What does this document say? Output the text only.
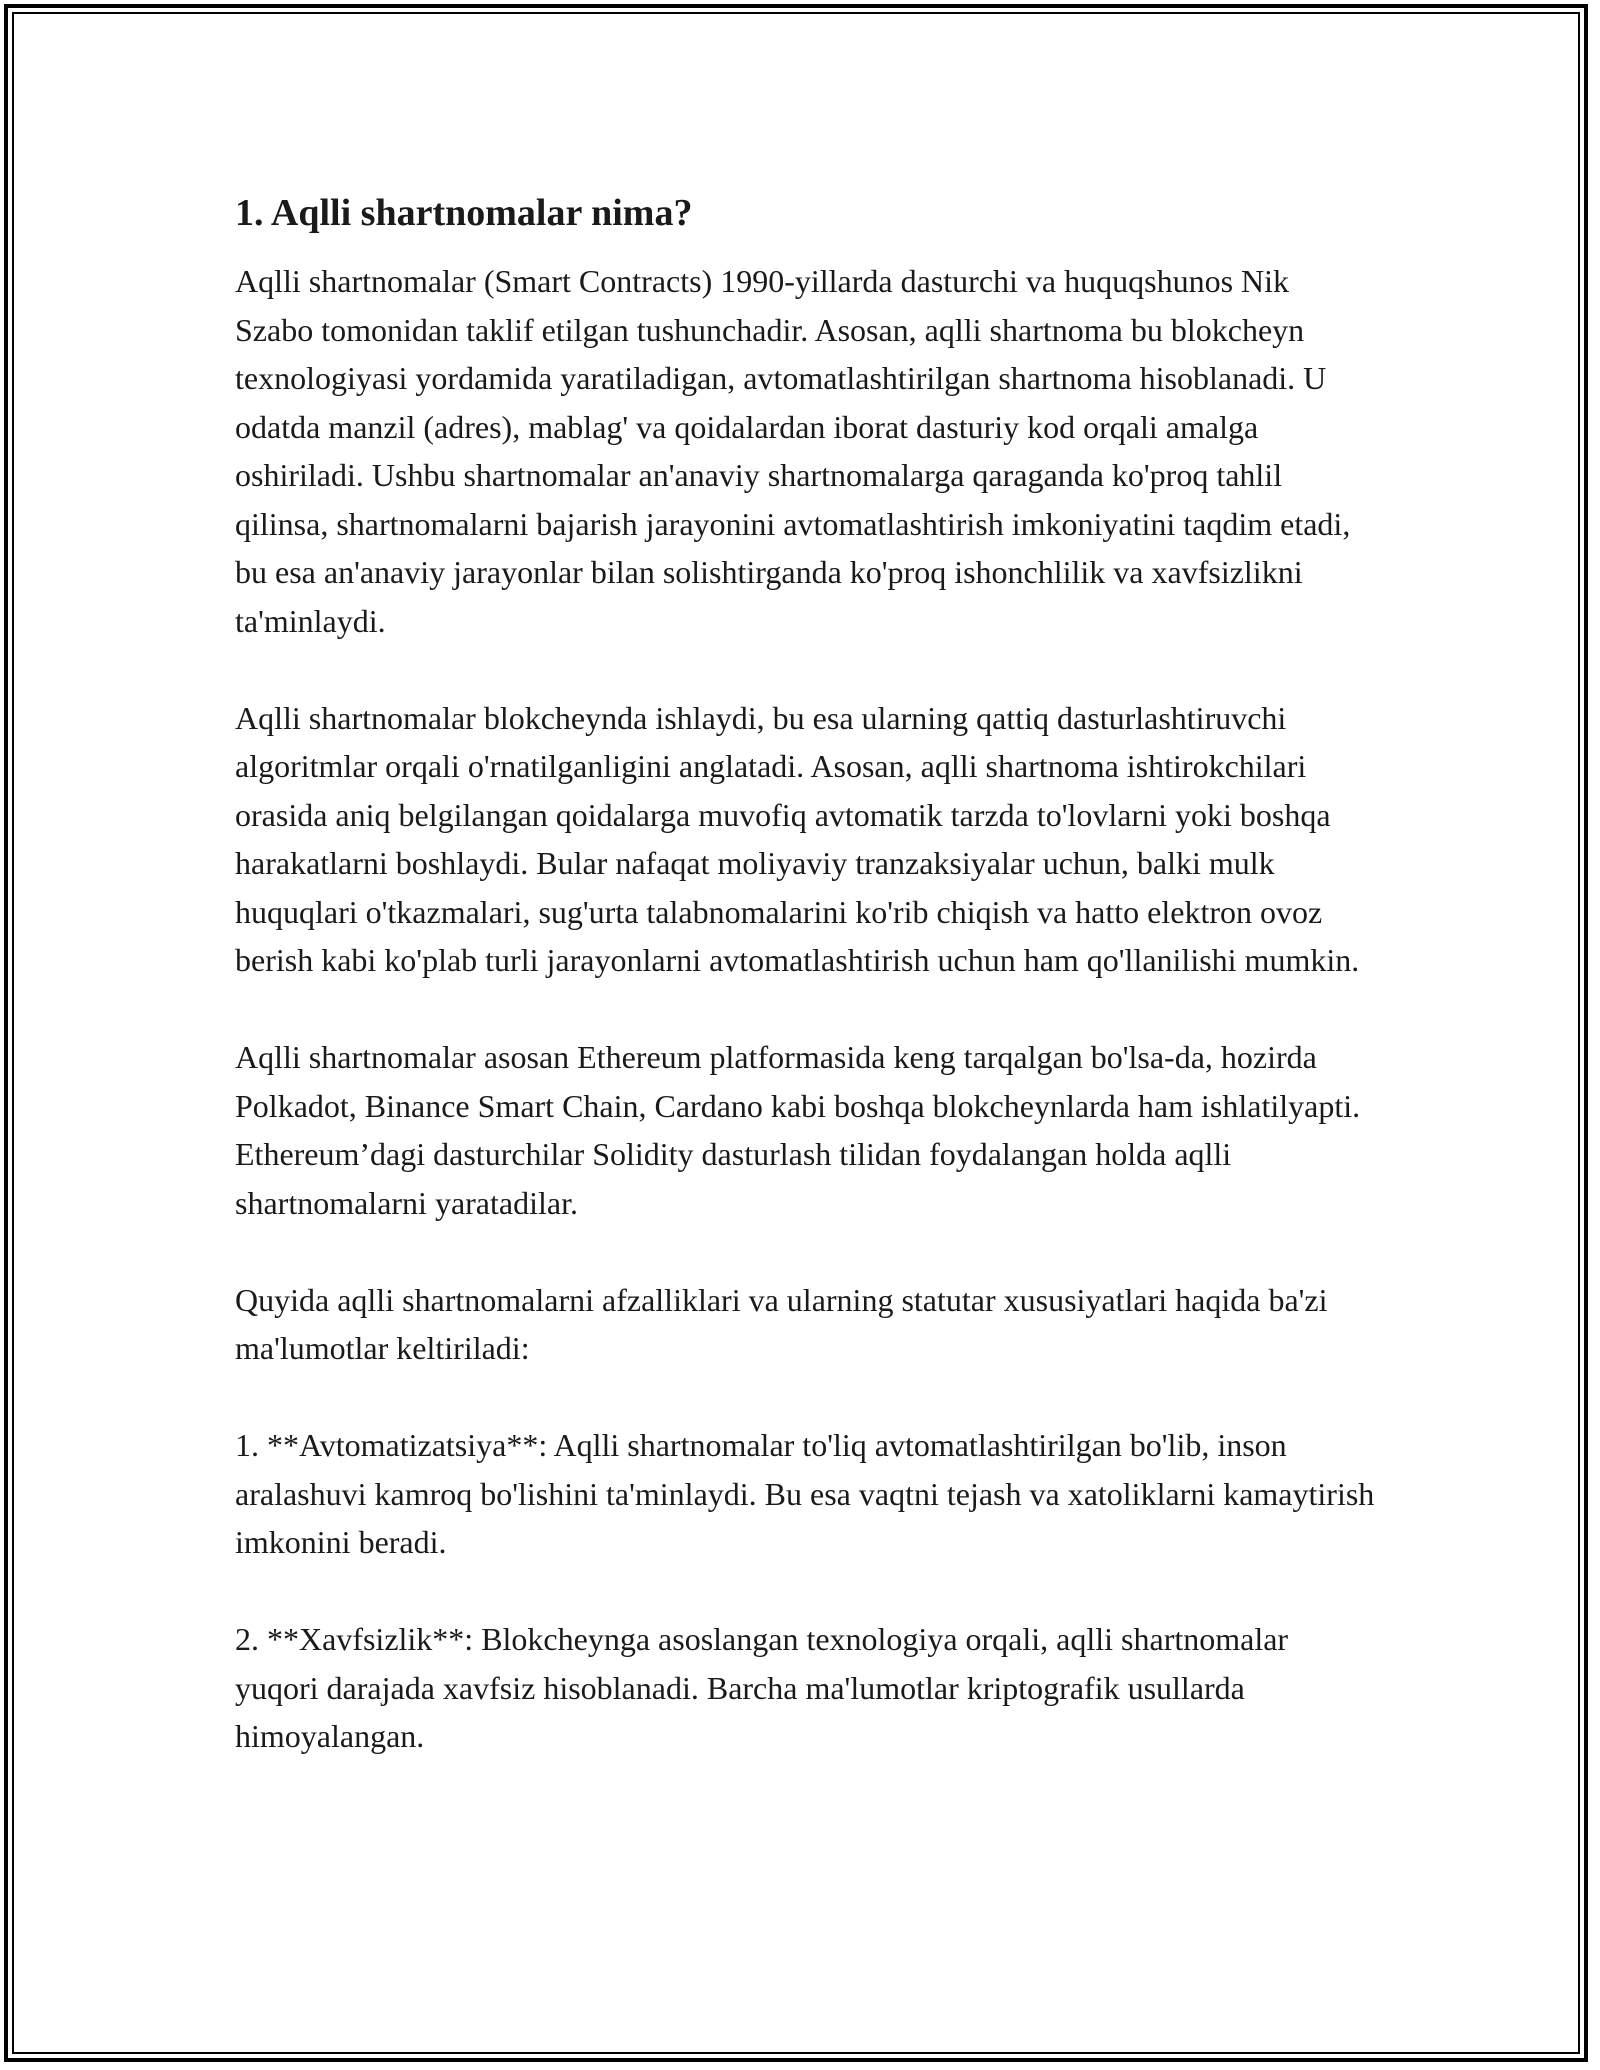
1. Aqlli shartnomalar nima?

Aqlli shartnomalar (Smart Contracts) 1990-yillarda dasturchi va huquqshunos Nik Szabo tomonidan taklif etilgan tushunchadir. Asosan, aqlli shartnoma bu blokcheyn texnologiyasi yordamida yaratiladigan, avtomatlashtirilgan shartnoma hisoblanadi. U odatda manzil (adres), mablag' va qoidalardan iborat dasturiy kod orqali amalga oshiriladi. Ushbu shartnomalar an'anaviy shartnomalarga qaraganda ko'proq tahlil qilinsa, shartnomalarni bajarish jarayonini avtomatlashtirish imkoniyatini taqdim etadi, bu esa an'anaviy jarayonlar bilan solishtirganda ko'proq ishonchlilik va xavfsizlikni ta'minlaydi.

Aqlli shartnomalar blokcheynda ishlaydi, bu esa ularning qattiq dasturlashtiruvchi algoritmlar orqali o'rnatilganligini anglatadi. Asosan, aqlli shartnoma ishtirokchilari orasida aniq belgilangan qoidalarga muvofiq avtomatik tarzda to'lovlarni yoki boshqa harakatlarni boshlaydi. Bular nafaqat moliyaviy tranzaksiyalar uchun, balki mulk huquqlari o'tkazmalari, sug'urta talabnomalarini ko'rib chiqish va hatto elektron ovoz berish kabi ko'plab turli jarayonlarni avtomatlashtirish uchun ham qo'llanilishi mumkin.

Aqlli shartnomalar asosan Ethereum platformasida keng tarqalgan bo'lsa-da, hozirda Polkadot, Binance Smart Chain, Cardano kabi boshqa blokcheynlarda ham ishlatilyapti. Ethereum’dagi dasturchilar Solidity dasturlash tilidan foydalangan holda aqlli shartnomalarni yaratadilar.

Quyida aqlli shartnomalarni afzalliklari va ularning statutar xususiyatlari haqida ba'zi ma'lumotlar keltiriladi:

1. **Avtomatizatsiya**: Aqlli shartnomalar to'liq avtomatlashtirilgan bo'lib, inson aralashuvi kamroq bo'lishini ta'minlaydi. Bu esa vaqtni tejash va xatoliklarni kamaytirish imkonini beradi.

2. **Xavfsizlik**: Blokcheynga asoslangan texnologiya orqali, aqlli shartnomalar yuqori darajada xavfsiz hisoblanadi. Barcha ma'lumotlar kriptografik usullarda himoyalangan.
